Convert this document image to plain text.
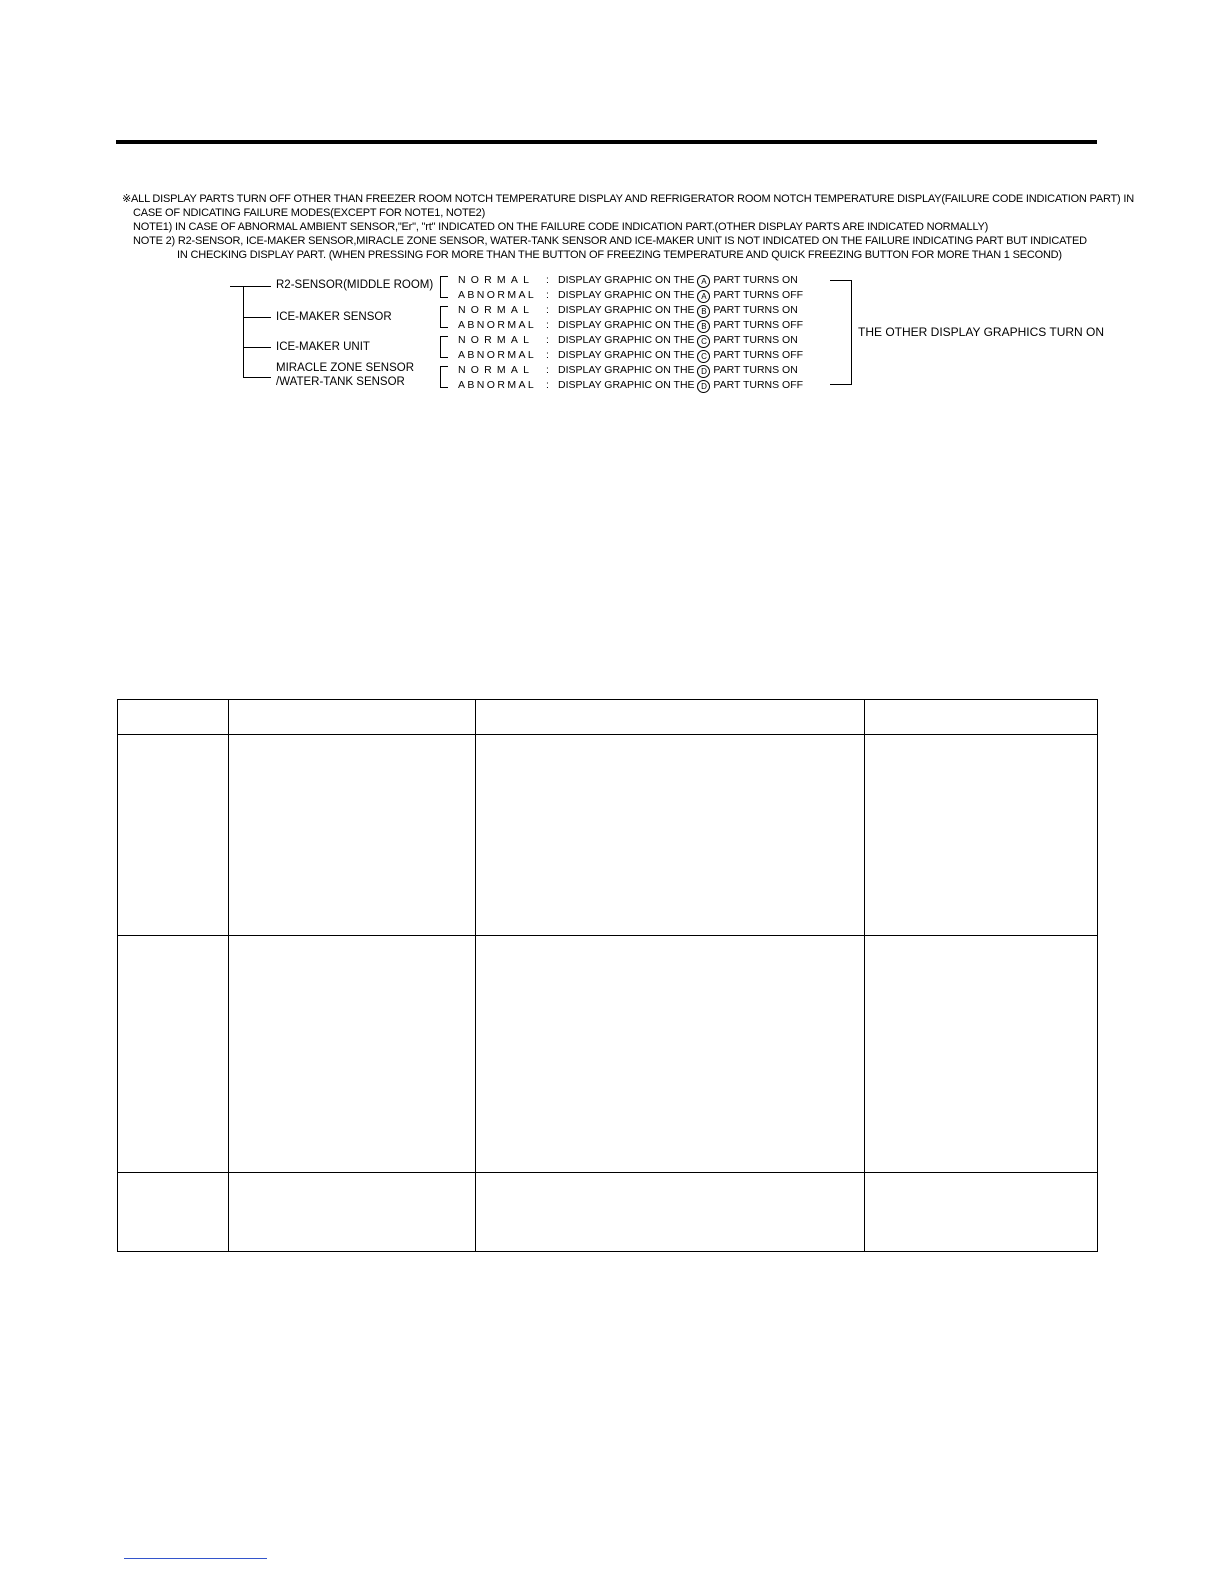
※ALL DISPLAY PARTS TURN OFF OTHER THAN FREEZER ROOM NOTCH TEMPERATURE DISPLAY AND REFRIGERATOR ROOM NOTCH TEMPERATURE DISPLAY(FAILURE CODE INDICATION PART) IN
CASE OF NDICATING FAILURE MODES(EXCEPT FOR NOTE1, NOTE2)
NOTE1) IN CASE OF ABNORMAL AMBIENT SENSOR,"Er", "rt" INDICATED ON THE FAILURE CODE INDICATION PART.(OTHER DISPLAY PARTS ARE INDICATED NORMALLY)
NOTE 2) R2-SENSOR, ICE-MAKER SENSOR,MIRACLE ZONE SENSOR, WATER-TANK SENSOR AND ICE-MAKER UNIT IS NOT INDICATED ON THE FAILURE INDICATING PART BUT INDICATED
IN CHECKING DISPLAY PART. (WHEN PRESSING FOR MORE THAN THE BUTTON OF FREEZING TEMPERATURE AND QUICK FREEZING BUTTON FOR MORE THAN 1 SECOND)
R2-SENSOR(MIDDLE ROOM)
ICE-MAKER SENSOR
ICE-MAKER UNIT
MIRACLE ZONE SENSOR
/WATER-TANK SENSOR
NORMAL : DISPLAY GRAPHIC ON THE A PART TURNS ON
ABNORMAL : DISPLAY GRAPHIC ON THE A PART TURNS OFF
NORMAL : DISPLAY GRAPHIC ON THE B PART TURNS ON
ABNORMAL : DISPLAY GRAPHIC ON THE B PART TURNS OFF
NORMAL : DISPLAY GRAPHIC ON THE C PART TURNS ON
ABNORMAL : DISPLAY GRAPHIC ON THE C PART TURNS OFF
NORMAL : DISPLAY GRAPHIC ON THE D PART TURNS ON
ABNORMAL : DISPLAY GRAPHIC ON THE D PART TURNS OFF
THE OTHER DISPLAY GRAPHICS TURN ON
